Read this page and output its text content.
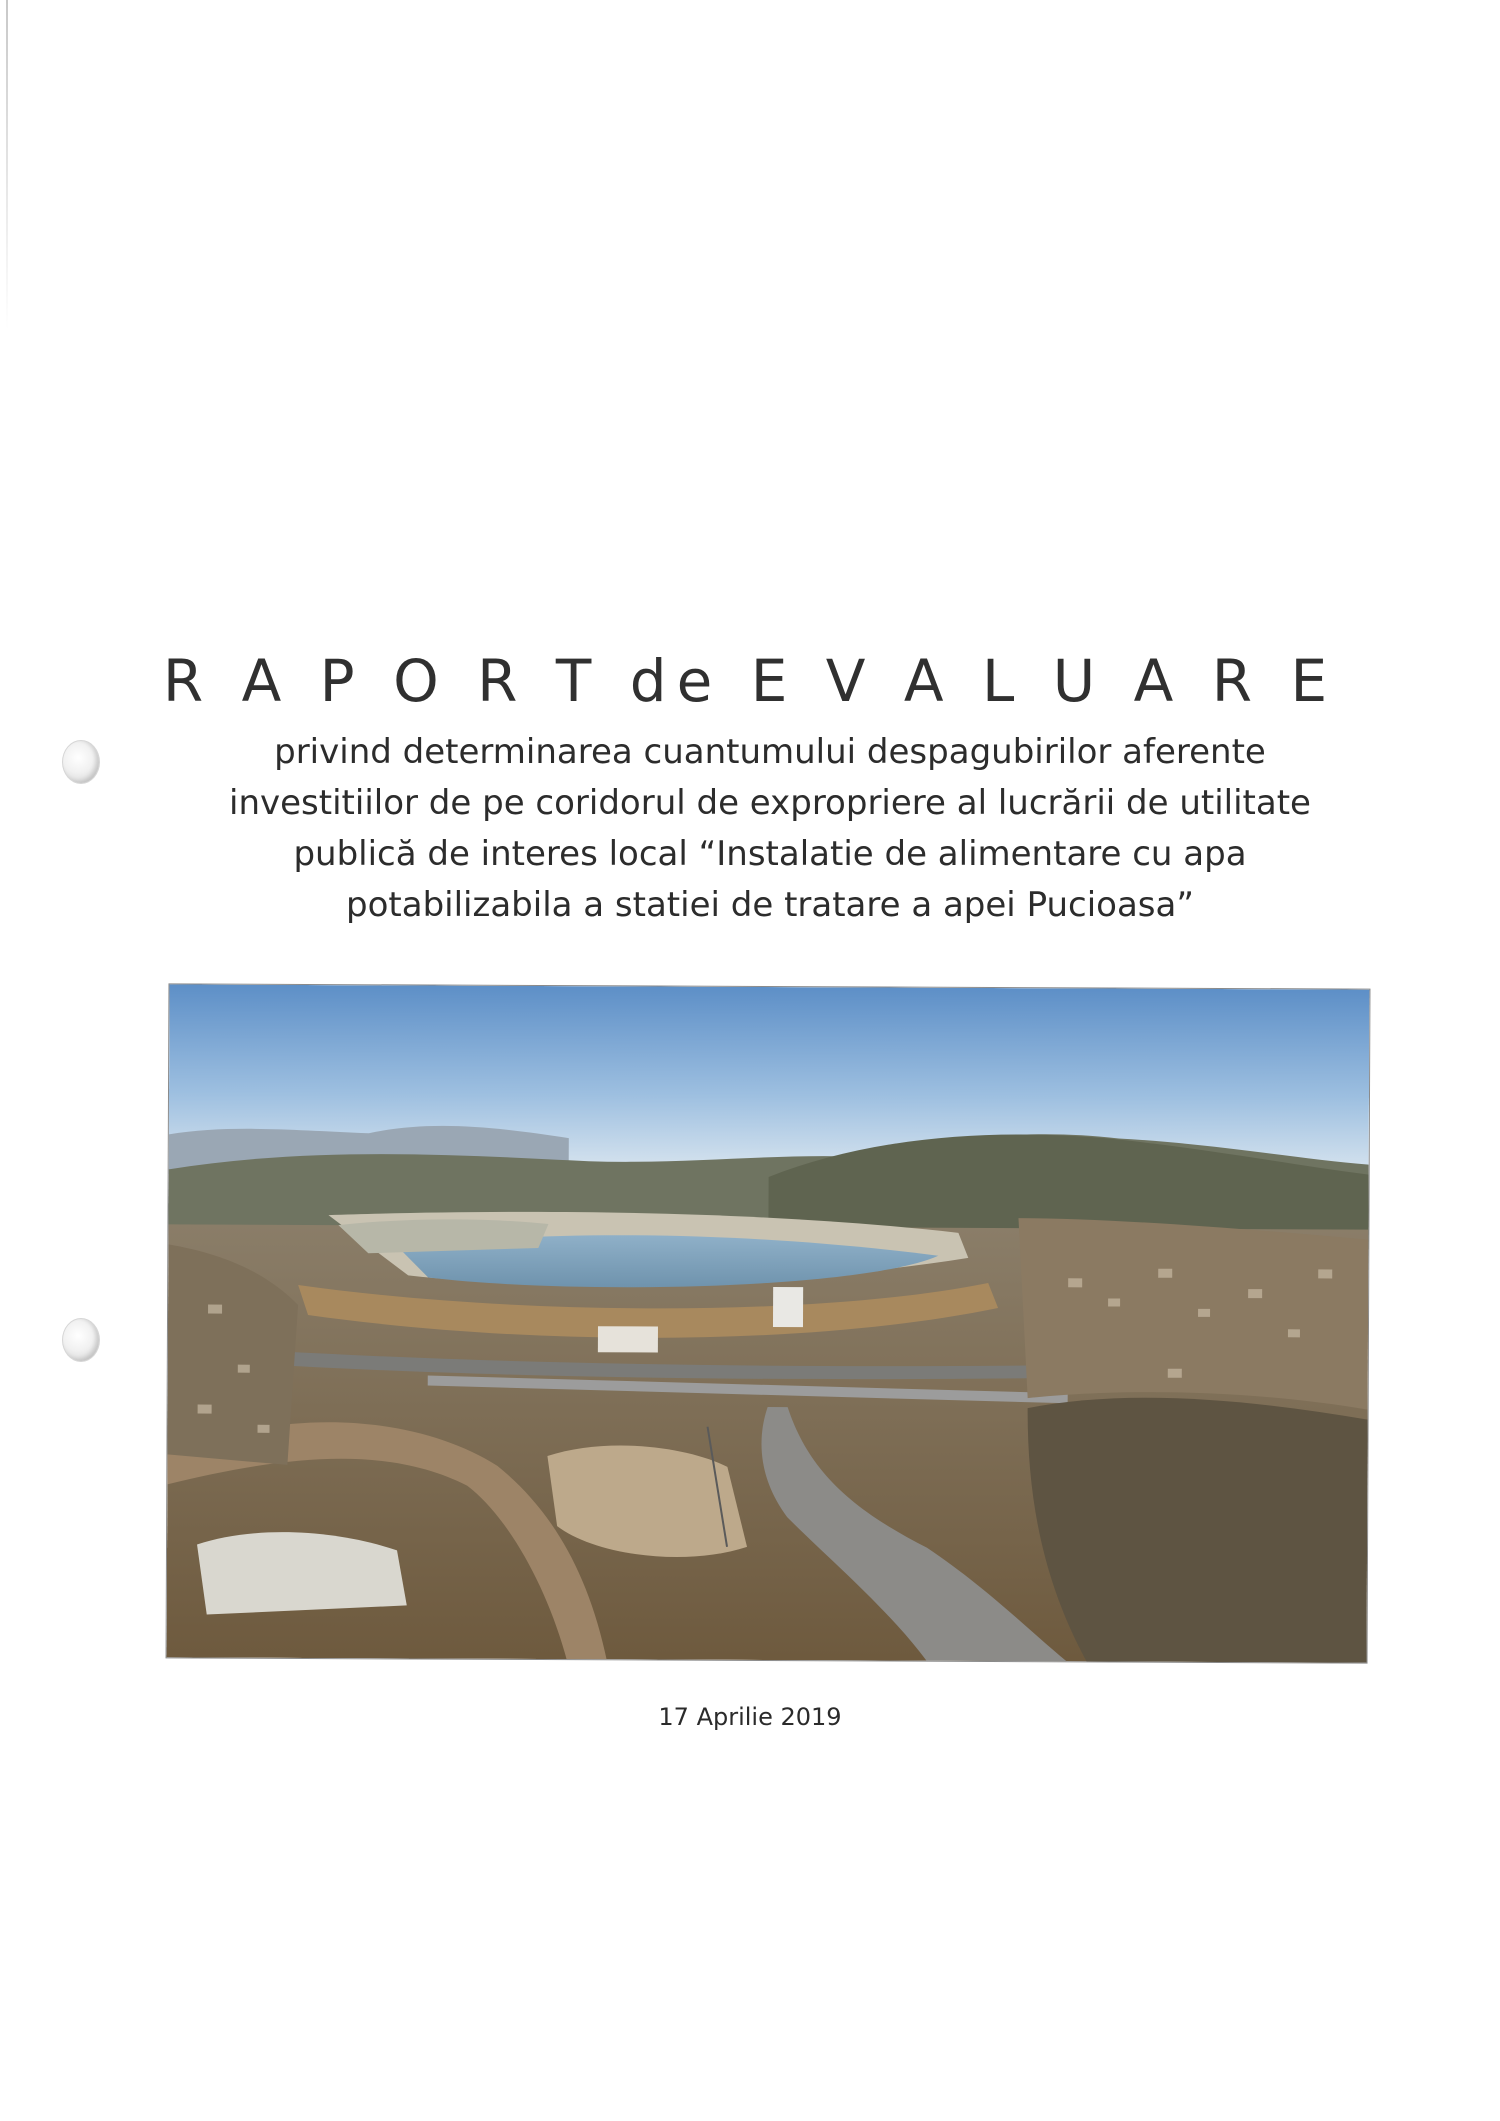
R A P O R T de E V A L U A R E
privind determinarea cuantumului despagubirilor aferente
investitiilor de pe coridorul de expropriere al lucrării de utilitate
publică de interes local “Instalatie de alimentare cu apa
potabilizabila a statiei de tratare a apei Pucioasa”
17 Aprilie 2019
